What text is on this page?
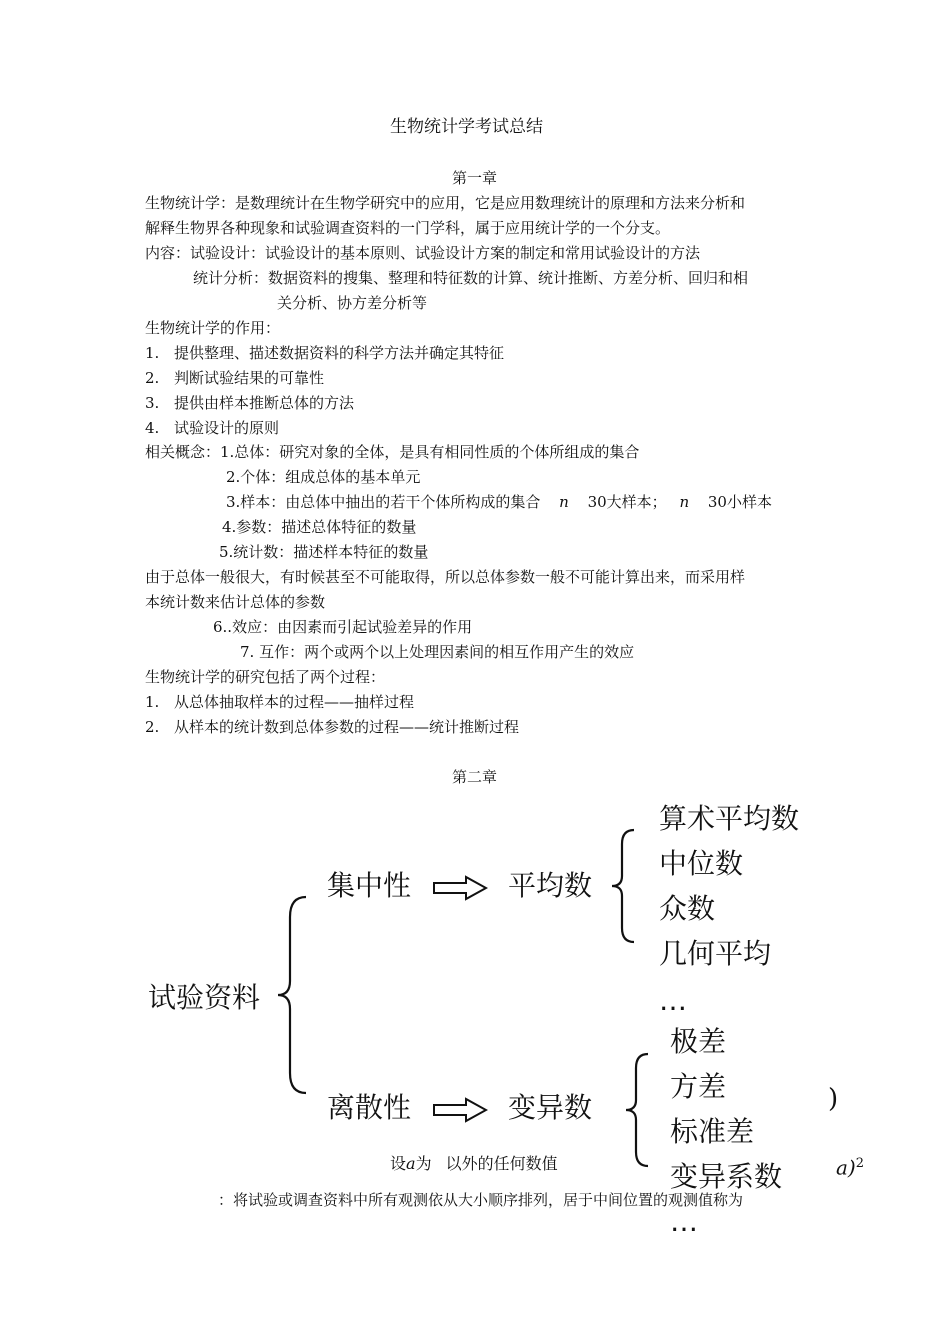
生物统计学考试总结
第一章
生物统计学：是数理统计在生物学研究中的应用，它是应用数理统计的原理和方法来分析和
解释生物界各种现象和试验调查资料的一门学科，属于应用统计学的一个分支。
内容：试验设计：试验设计的基本原则、试验设计方案的制定和常用试验设计的方法
统计分析：数据资料的搜集、整理和特征数的计算、统计推断、方差分析、回归和相
关分析、协方差分析等
生物统计学的作用：
1. 提供整理、描述数据资料的科学方法并确定其特征
2. 判断试验结果的可靠性
3. 提供由样本推断总体的方法
4. 试验设计的原则
相关概念：1.总体：研究对象的全体，是具有相同性质的个体所组成的集合
2.个体：组成总体的基本单元
3.样本：由总体中抽出的若干个体所构成的集合 n 30大样本； n 30小样本
4.参数：描述总体特征的数量
5.统计数：描述样本特征的数量
由于总体一般很大，有时候甚至不可能取得，所以总体参数一般不可能计算出来，而采用样
本统计数来估计总体的参数
6..效应：由因素而引起试验差异的作用
7. 互作：两个或两个以上处理因素间的相互作用产生的效应
生物统计学的研究包括了两个过程：
1. 从总体抽取样本的过程——抽样过程
2. 从样本的统计数到总体参数的过程——统计推断过程
第二章
)
a)$^2$
设a为 以外的任何数值
：将试验或调查资料中所有观测依从大小顺序排列，居于中间位置的观测值称为
试验资料
集中性	平均数
算术平均数
中位数
众数
几何平均
…
离散性	变异数
极差
方差
标准差
变异系数
…
